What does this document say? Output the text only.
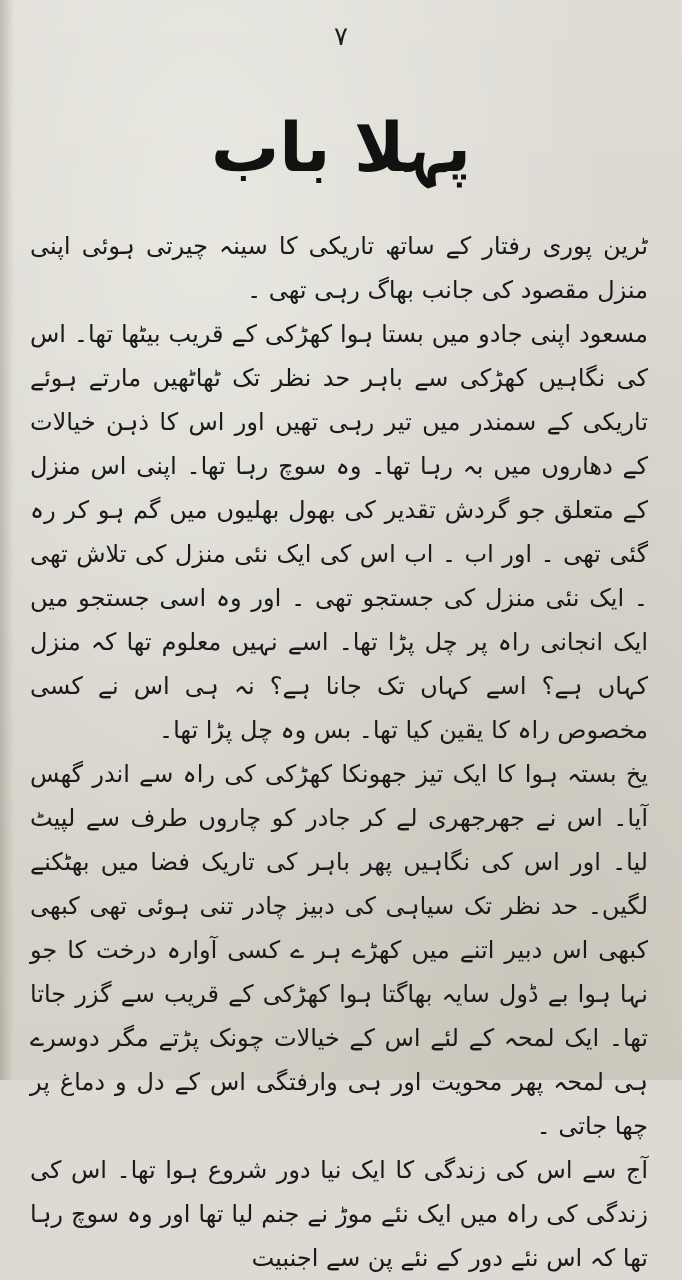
۷
پہلا باب

ٹرین پوری رفتار کے ساتھ تاریکی کا سینہ چیرتی ہوئی اپنی منزل مقصود کی جانب بھاگ رہی تھی ۔

مسعود اپنی جادو میں بستا ہوا کھڑکی کے قریب بیٹھا تھا۔ اس کی نگاہیں کھڑکی سے باہر حد نظر تک ٹھاٹھیں مارتے ہوئے تاریکی کے سمندر میں تیر رہی تھیں اور اس کا ذہن خیالات کے دھاروں میں بہ رہا تھا۔ وہ سوچ رہا تھا۔ اپنی اس منزل کے متعلق جو گردش تقدیر کی بھول بھلیوں میں گم ہو کر رہ گئی تھی ۔ اور اب ۔ اب اس کی ایک نئی منزل کی تلاش تھی ۔ ایک نئی منزل کی جستجو تھی ۔ اور وہ اسی جستجو میں ایک انجانی راہ پر چل پڑا تھا۔ اسے نہیں معلوم تھا کہ منزل کہاں ہے؟ اسے کہاں تک جانا ہے؟ نہ ہی اس نے کسی مخصوص راہ کا یقین کیا تھا۔ بس وہ چل پڑا تھا۔

یخ بستہ ہوا کا ایک تیز جھونکا کھڑکی کی راہ سے اندر گھس آیا۔ اس نے جھرجھری لے کر جادر کو چاروں طرف سے لپیٹ لیا۔ اور اس کی نگاہیں پھر باہر کی تاریک فضا میں بھٹکنے لگیں۔ حد نظر تک سیاہی کی دبیز چادر تنی ہوئی تھی کبھی کبھی اس دبیر اتنے میں کھڑے ہر ے کسی آوارہ درخت کا جو نہا ہوا بے ڈول سایہ بھاگتا ہوا کھڑکی کے قریب سے گزر جاتا تھا۔ ایک لمحہ کے لئے اس کے خیالات چونک پڑتے مگر دوسرے ہی لمحہ پھر محویت اور ہی وارفتگی اس کے دل و دماغ پر چھا جاتی ۔

آج سے اس کی زندگی کا ایک نیا دور شروع ہوا تھا۔ اس کی زندگی کی راہ میں ایک نئے موڑ نے جنم لیا تھا اور وہ سوچ رہا تھا کہ اس نئے دور کے نئے پن سے اجنبیت
